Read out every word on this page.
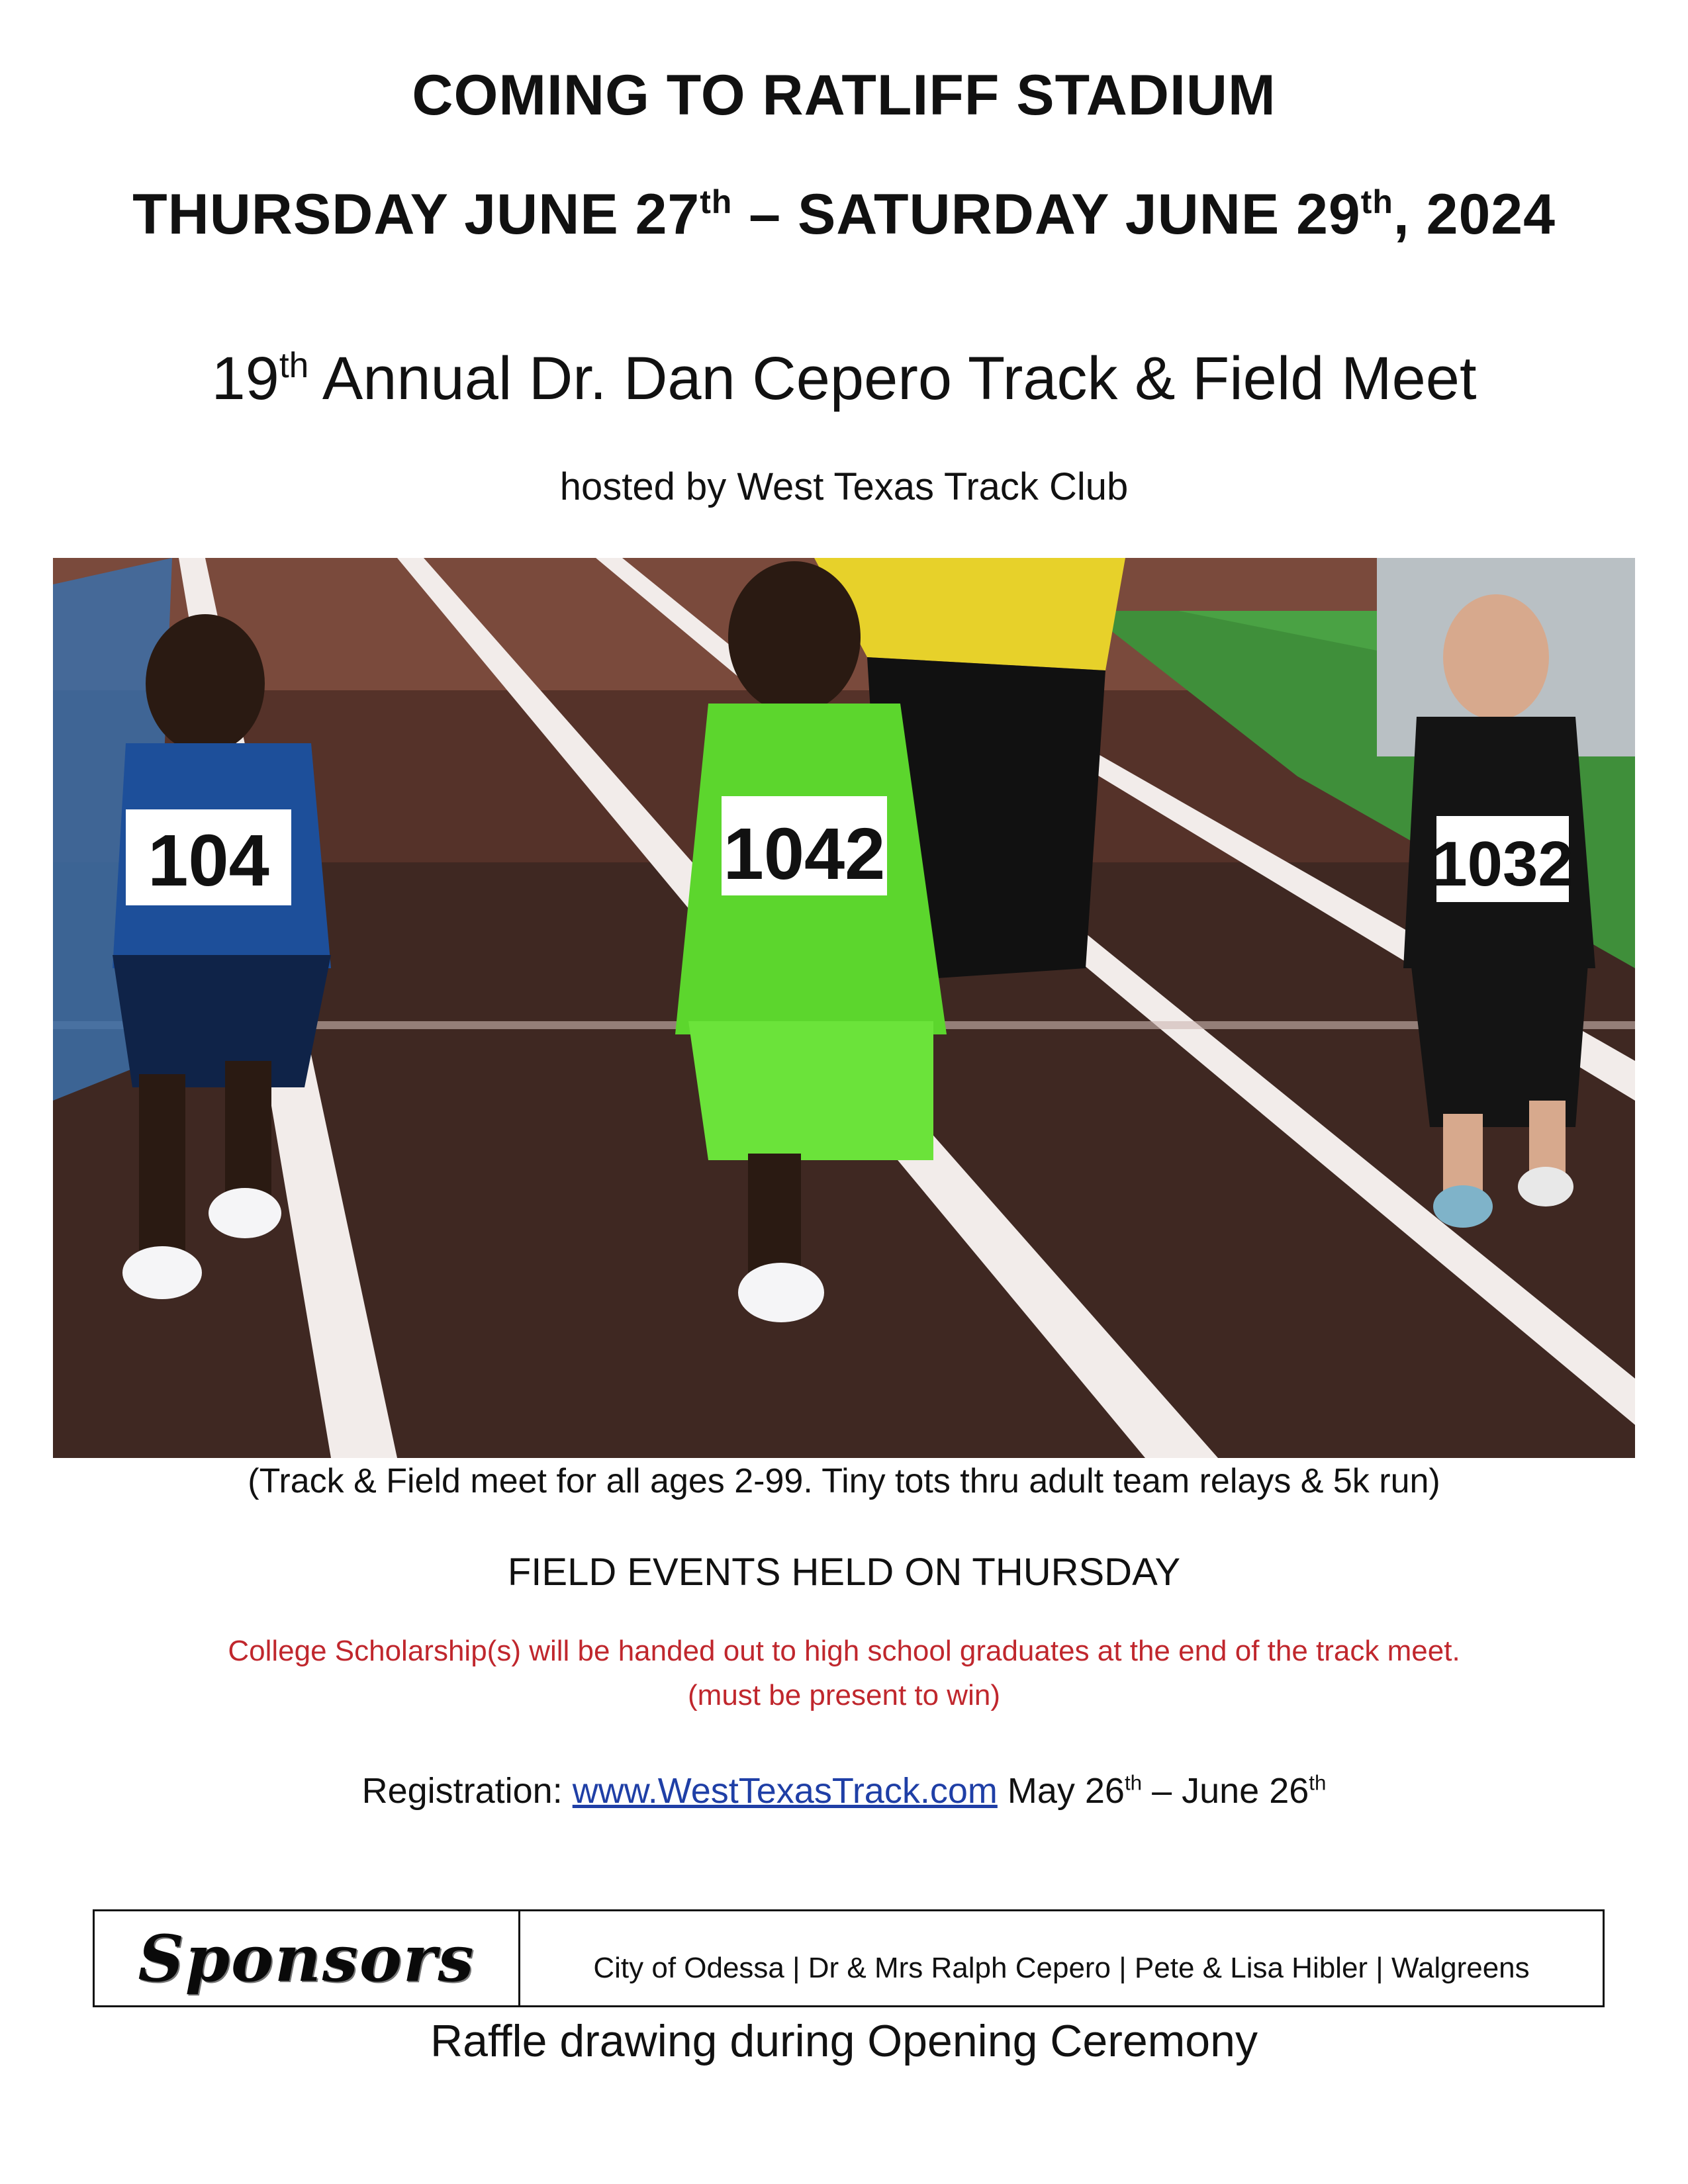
COMING TO RATLIFF STADIUM
THURSDAY JUNE 27th – SATURDAY JUNE 29th, 2024
19th Annual Dr. Dan Cepero Track & Field Meet
hosted by West Texas Track Club
104	1042	1032
(Track & Field meet for all ages 2-99. Tiny tots thru adult team relays & 5k run)
FIELD EVENTS HELD ON THURSDAY
College Scholarship(s) will be handed out to high school graduates at the end of the track meet.
(must be present to win)
Registration: www.WestTexasTrack.com May 26th – June 26th
Sponsors	City of Odessa | Dr & Mrs Ralph Cepero | Pete & Lisa Hibler | Walgreens
Raffle drawing during Opening Ceremony
